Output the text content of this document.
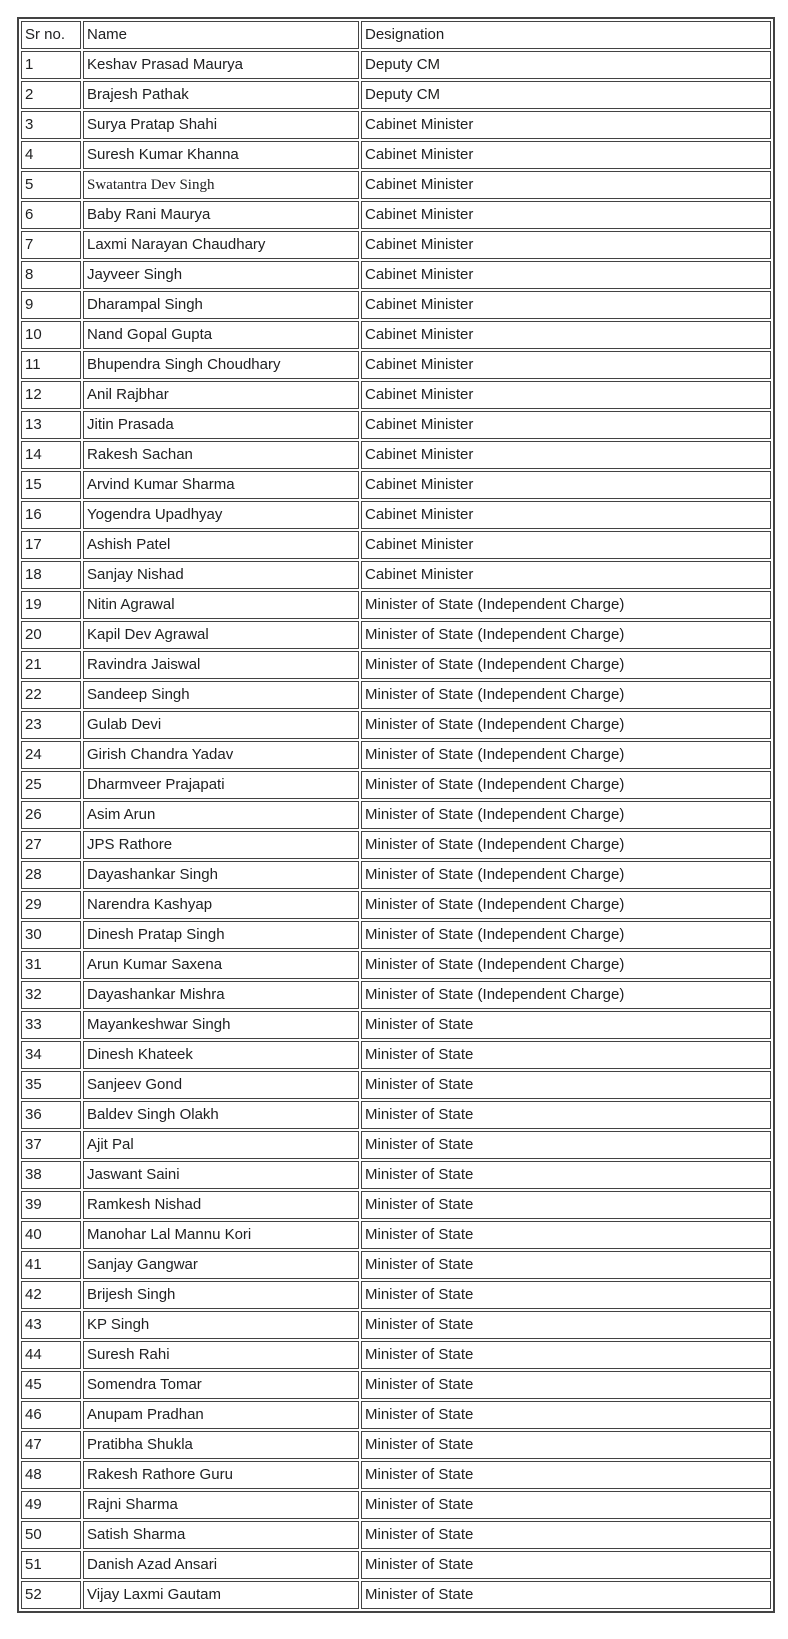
Sr no.	Name	Designation
1	Keshav Prasad Maurya	Deputy CM
2	Brajesh Pathak	Deputy CM
3	Surya Pratap Shahi	Cabinet Minister
4	Suresh Kumar Khanna	Cabinet Minister
5	Swatantra Dev Singh	Cabinet Minister
6	Baby Rani Maurya	Cabinet Minister
7	Laxmi Narayan Chaudhary	Cabinet Minister
8	Jayveer Singh	Cabinet Minister
9	Dharampal Singh	Cabinet Minister
10	Nand Gopal Gupta	Cabinet Minister
11	Bhupendra Singh Choudhary	Cabinet Minister
12	Anil Rajbhar	Cabinet Minister
13	Jitin Prasada	Cabinet Minister
14	Rakesh Sachan	Cabinet Minister
15	Arvind Kumar Sharma	Cabinet Minister
16	Yogendra Upadhyay	Cabinet Minister
17	Ashish Patel	Cabinet Minister
18	Sanjay Nishad	Cabinet Minister
19	Nitin Agrawal	Minister of State (Independent Charge)
20	Kapil Dev Agrawal	Minister of State (Independent Charge)
21	Ravindra Jaiswal	Minister of State (Independent Charge)
22	Sandeep Singh	Minister of State (Independent Charge)
23	Gulab Devi	Minister of State (Independent Charge)
24	Girish Chandra Yadav	Minister of State (Independent Charge)
25	Dharmveer Prajapati	Minister of State (Independent Charge)
26	Asim Arun	Minister of State (Independent Charge)
27	JPS Rathore	Minister of State (Independent Charge)
28	Dayashankar Singh	Minister of State (Independent Charge)
29	Narendra Kashyap	Minister of State (Independent Charge)
30	Dinesh Pratap Singh	Minister of State (Independent Charge)
31	Arun Kumar Saxena	Minister of State (Independent Charge)
32	Dayashankar Mishra	Minister of State (Independent Charge)
33	Mayankeshwar Singh	Minister of State
34	Dinesh Khateek	Minister of State
35	Sanjeev Gond	Minister of State
36	Baldev Singh Olakh	Minister of State
37	Ajit Pal	Minister of State
38	Jaswant Saini	Minister of State
39	Ramkesh Nishad	Minister of State
40	Manohar Lal Mannu Kori	Minister of State
41	Sanjay Gangwar	Minister of State
42	Brijesh Singh	Minister of State
43	KP Singh	Minister of State
44	Suresh Rahi	Minister of State
45	Somendra Tomar	Minister of State
46	Anupam Pradhan	Minister of State
47	Pratibha Shukla	Minister of State
48	Rakesh Rathore Guru	Minister of State
49	Rajni Sharma	Minister of State
50	Satish Sharma	Minister of State
51	Danish Azad Ansari	Minister of State
52	Vijay Laxmi Gautam	Minister of State
